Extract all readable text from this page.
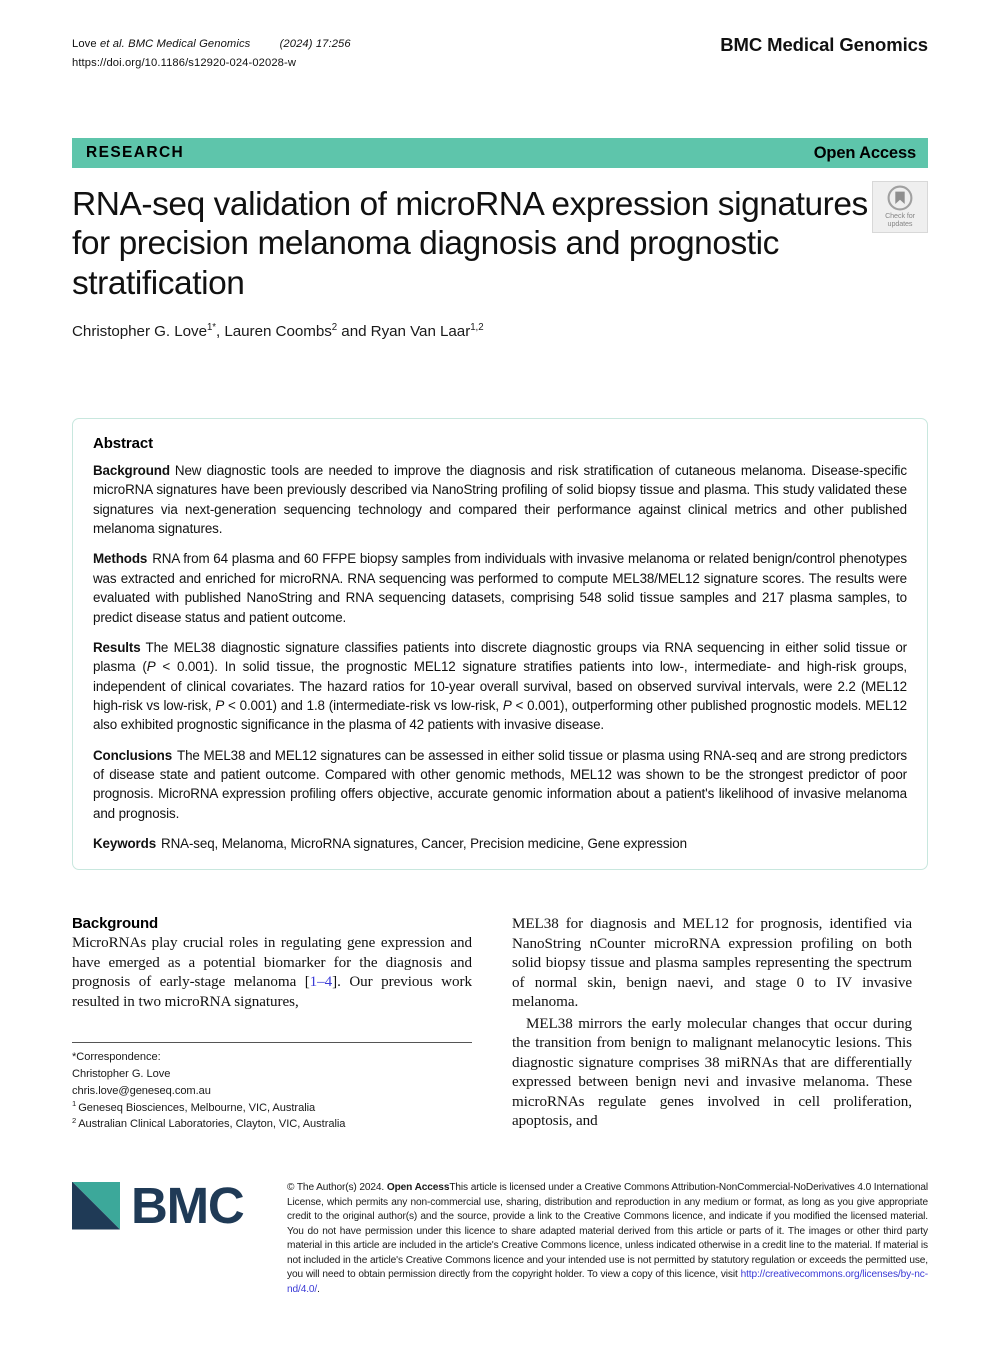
Love et al. BMC Medical Genomics	(2024) 17:256
https://doi.org/10.1186/s12920-024-02028-w
BMC Medical Genomics
RESEARCH	Open Access
RNA-seq validation of microRNA expression signatures for precision melanoma diagnosis and prognostic stratification
Christopher G. Love$^{1*}$, Lauren Coombs$^2$ and Ryan Van Laar$^{1,2}$
Check for
updates
Abstract

Background New diagnostic tools are needed to improve the diagnosis and risk stratification of cutaneous melanoma. Disease-specific microRNA signatures have been previously described via NanoString profiling of solid biopsy tissue and plasma. This study validated these signatures via next-generation sequencing technology and compared their performance against clinical metrics and other published melanoma signatures.

Methods RNA from 64 plasma and 60 FFPE biopsy samples from individuals with invasive melanoma or related benign/control phenotypes was extracted and enriched for microRNA. RNA sequencing was performed to compute MEL38/MEL12 signature scores. The results were evaluated with published NanoString and RNA sequencing datasets, comprising 548 solid tissue samples and 217 plasma samples, to predict disease status and patient outcome.

Results The MEL38 diagnostic signature classifies patients into discrete diagnostic groups via RNA sequencing in either solid tissue or plasma (P < 0.001). In solid tissue, the prognostic MEL12 signature stratifies patients into low-, intermediate- and high-risk groups, independent of clinical covariates. The hazard ratios for 10-year overall survival, based on observed survival intervals, were 2.2 (MEL12 high-risk vs low-risk, P < 0.001) and 1.8 (intermediate-risk vs low-risk, P < 0.001), outperforming other published prognostic models. MEL12 also exhibited prognostic significance in the plasma of 42 patients with invasive disease.

Conclusions The MEL38 and MEL12 signatures can be assessed in either solid tissue or plasma using RNA-seq and are strong predictors of disease state and patient outcome. Compared with other genomic methods, MEL12 was shown to be the strongest predictor of poor prognosis. MicroRNA expression profiling offers objective, accurate genomic information about a patient's likelihood of invasive melanoma and prognosis.

Keywords RNA-seq, Melanoma, MicroRNA signatures, Cancer, Precision medicine, Gene expression

Background

MicroRNAs play crucial roles in regulating gene expression and have emerged as a potential biomarker for the diagnosis and prognosis of early-stage melanoma [1–4]. Our previous work resulted in two microRNA signatures,

MEL38 for diagnosis and MEL12 for prognosis, identified via NanoString nCounter microRNA expression profiling on both solid biopsy tissue and plasma samples representing the spectrum of normal skin, benign naevi, and stage 0 to IV invasive melanoma.

MEL38 mirrors the early molecular changes that occur during the transition from benign to malignant melanocytic lesions. This diagnostic signature comprises 38 miRNAs that are differentially expressed between benign nevi and invasive melanoma. These microRNAs regulate genes involved in cell proliferation, apoptosis, and

*Correspondence:
Christopher G. Love
chris.love@geneseq.com.au
$^1$ Geneseq Biosciences, Melbourne, VIC, Australia
$^2$ Australian Clinical Laboratories, Clayton, VIC, Australia
BMC	© The Author(s) 2024. Open AccessThis article is licensed under a Creative Commons Attribution-NonCommercial-NoDerivatives 4.0 International License, which permits any non-commercial use, sharing, distribution and reproduction in any medium or format, as long as you give appropriate credit to the original author(s) and the source, provide a link to the Creative Commons licence, and indicate if you modified the licensed material. You do not have permission under this licence to share adapted material derived from this article or parts of it. The images or other third party material in this article are included in the article's Creative Commons licence, unless indicated otherwise in a credit line to the material. If material is not included in the article's Creative Commons licence and your intended use is not permitted by statutory regulation or exceeds the permitted use, you will need to obtain permission directly from the copyright holder. To view a copy of this licence, visit http://creativecommons.org/licenses/by-nc-nd/4.0/.
